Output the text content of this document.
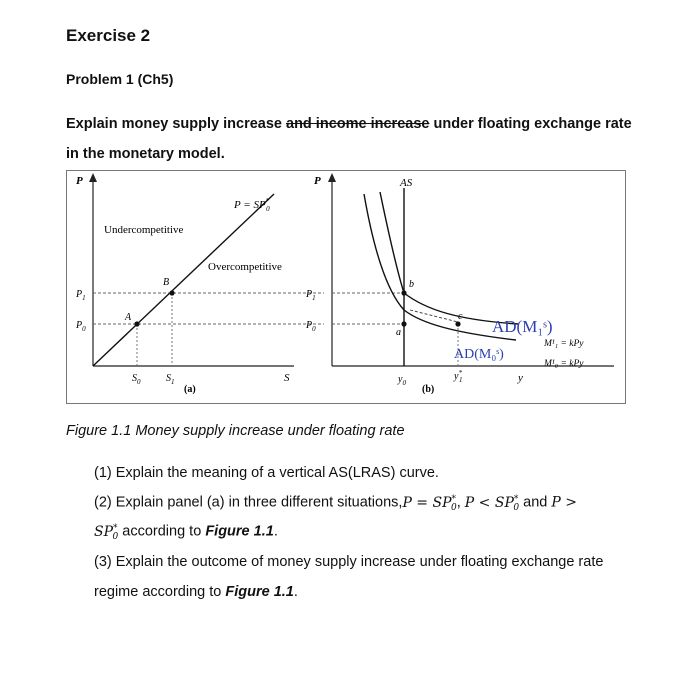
Exercise 2
Problem 1 (Ch5)
Explain money supply increase and income increase under floating exchange rate
in the monetary model.
P
S
P = SP* 0
Undercompetitive
Overcompetitive
A
B
$P_1$
$P_0$
$S_0$	$S_1$
$P_1$
$P_0$
(a)
P
y
AS
a
b
c
$y_0$
y* 1
(b)
M¹₁ = kPy
M¹₀ = kPy
AD(M₁ˢ)
AD(M₀ˢ)
Figure 1.1 Money supply increase under floating rate
(1) Explain the meaning of a vertical AS(LRAS) curve.
(2) Explain panel (a) in three different situations,P = $SP^*_0$, $P < SP^*_0$ and P >
$SP^*_0$ according to Figure 1.1.
(3) Explain the outcome of money supply increase under floating exchange rate
regime according to Figure 1.1.
